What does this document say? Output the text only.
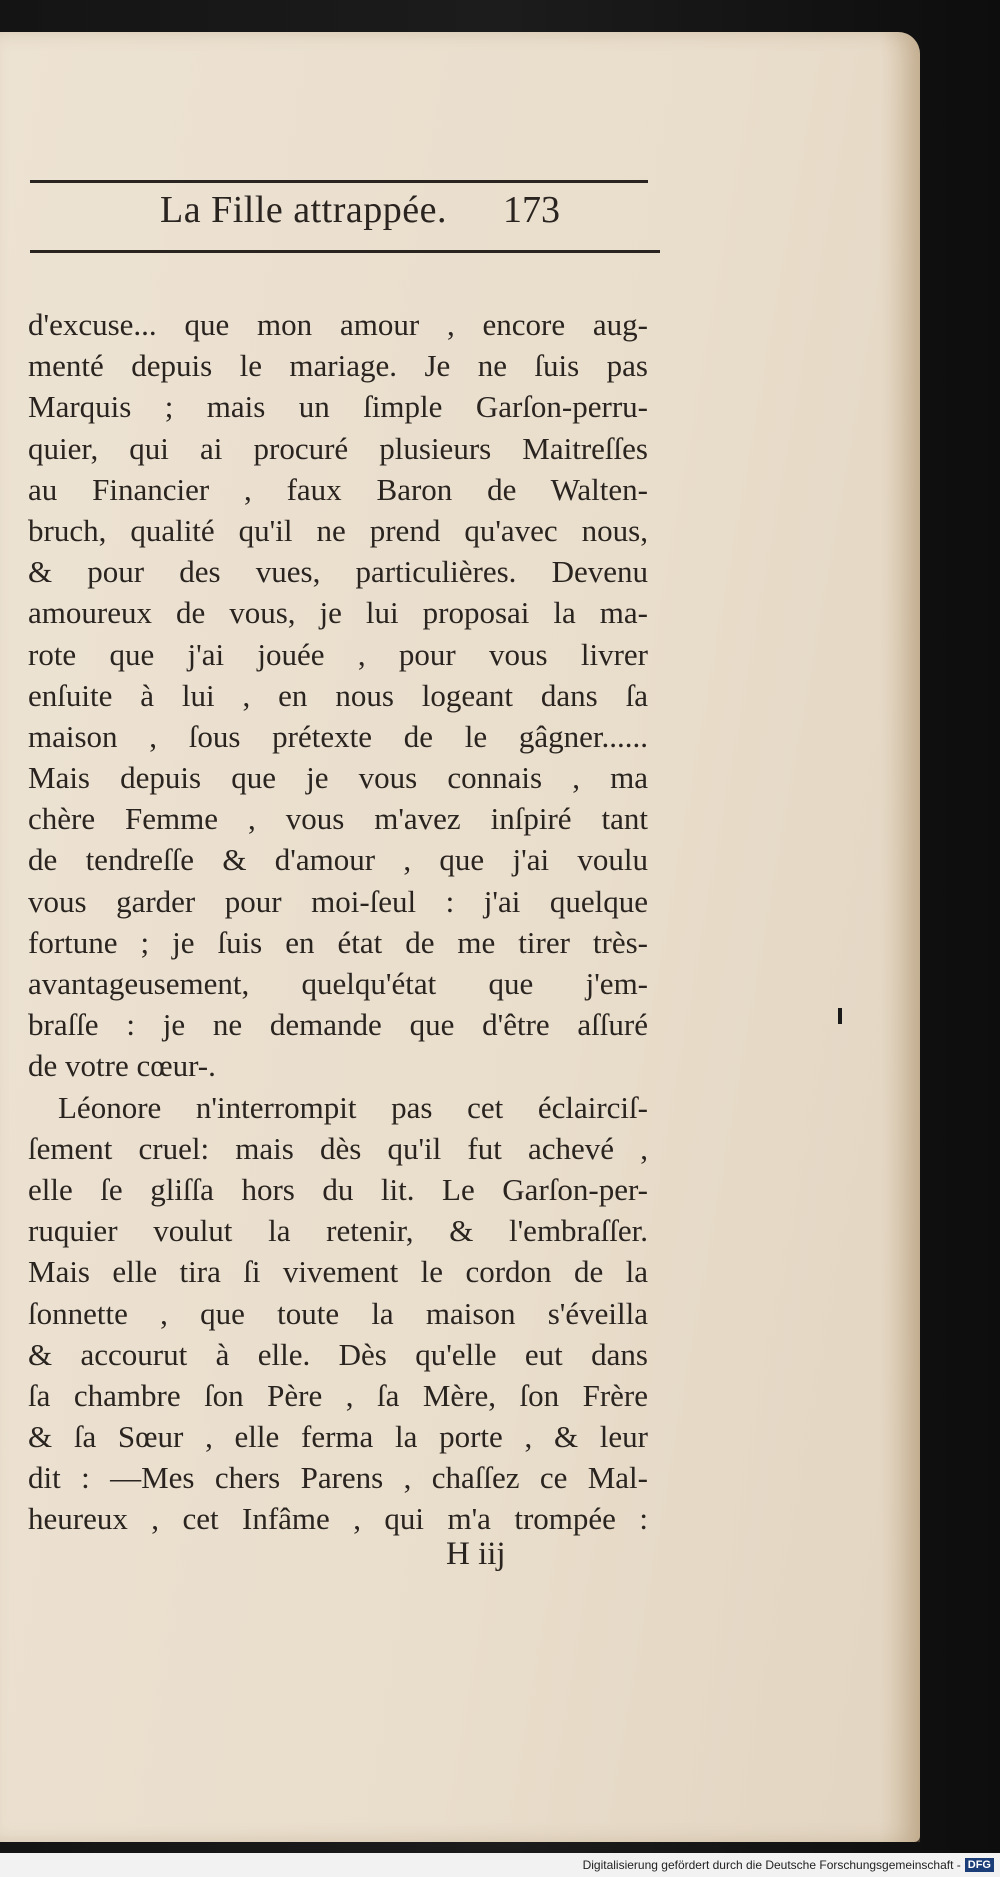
La Fille attrappée. 173
d'excuse... que mon amour , encore aug-
menté depuis le mariage. Je ne ſuis pas
Marquis ; mais un ſimple Garſon-perru-
quier, qui ai procuré plusieurs Maitreſſes
au Financier , faux Baron de Walten-
bruch, qualité qu'il ne prend qu'avec nous,
& pour des vues, particulières. Devenu
amoureux de vous, je lui proposai la ma-
rote que j'ai jouée , pour vous livrer
enſuite à lui , en nous logeant dans ſa
maison , ſous prétexte de le gâgner......
Mais depuis que je vous connais , ma
chère Femme , vous m'avez inſpiré tant
de tendreſſe & d'amour , que j'ai voulu
vous garder pour moi-ſeul : j'ai quelque
fortune ; je ſuis en état de me tirer très-
avantageusement, quelqu'état que j'em-
braſſe : je ne demande que d'être aſſuré
de votre cœur-.
Léonore n'interrompit pas cet éclairciſ-
ſement cruel: mais dès qu'il fut achevé ,
elle ſe gliſſa hors du lit. Le Garſon-per-
ruquier voulut la retenir, & l'embraſſer.
Mais elle tira ſi vivement le cordon de la
ſonnette , que toute la maison s'éveilla
& accourut à elle. Dès qu'elle eut dans
ſa chambre ſon Père , ſa Mère, ſon Frère
& ſa Sœur , elle ferma la porte , & leur
dit : —Mes chers Parens , chaſſez ce Mal-
heureux , cet Infâme , qui m'a trompée :
H iij
Digitalisierung gefördert durch die Deutsche Forschungsgemeinschaft - DFG
